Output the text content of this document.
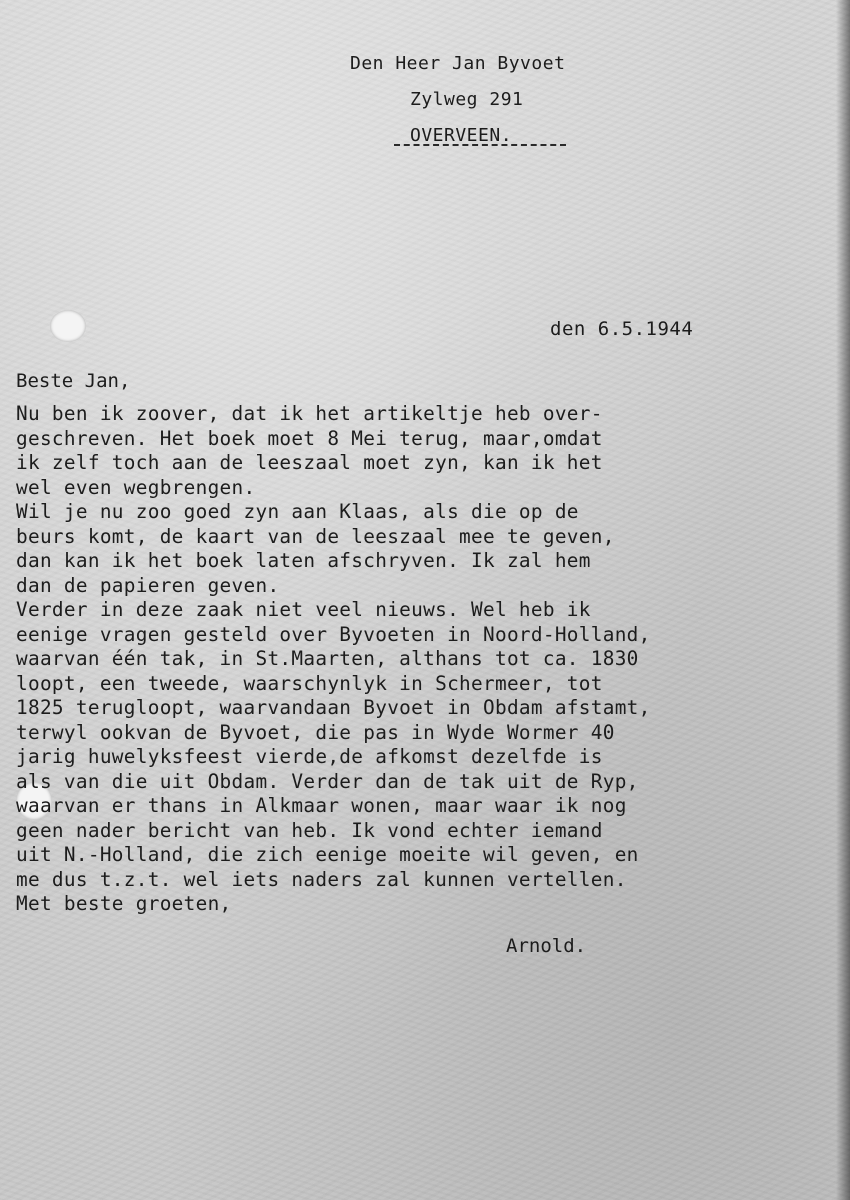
Den Heer Jan Byvoet
Zylweg 291
OVERVEEN.
den 6.5.1944
Beste Jan,
Nu ben ik zoover, dat ik het artikeltje heb over-
geschreven. Het boek moet 8 Mei terug, maar,omdat
ik zelf toch aan de leeszaal moet zyn, kan ik het
wel even wegbrengen.
Wil je nu zoo goed zyn aan Klaas, als die op de
beurs komt, de kaart van de leeszaal mee te geven,
dan kan ik het boek laten afschryven. Ik zal hem
dan de papieren geven.
Verder in deze zaak niet veel nieuws. Wel heb ik
eenige vragen gesteld over Byvoeten in Noord-Holland,
waarvan één tak, in St.Maarten, althans tot ca. 1830
loopt, een tweede, waarschynlyk in Schermeer, tot
1825 terugloopt, waarvandaan Byvoet in Obdam afstamt,
terwyl ookvan de Byvoet, die pas in Wyde Wormer 40
jarig huwelyksfeest vierde,de afkomst dezelfde is
als van die uit Obdam. Verder dan de tak uit de Ryp,
waarvan er thans in Alkmaar wonen, maar waar ik nog
geen nader bericht van heb. Ik vond echter iemand
uit N.-Holland, die zich eenige moeite wil geven, en
me dus t.z.t. wel iets naders zal kunnen vertellen.
Met beste groeten,
Arnold.
